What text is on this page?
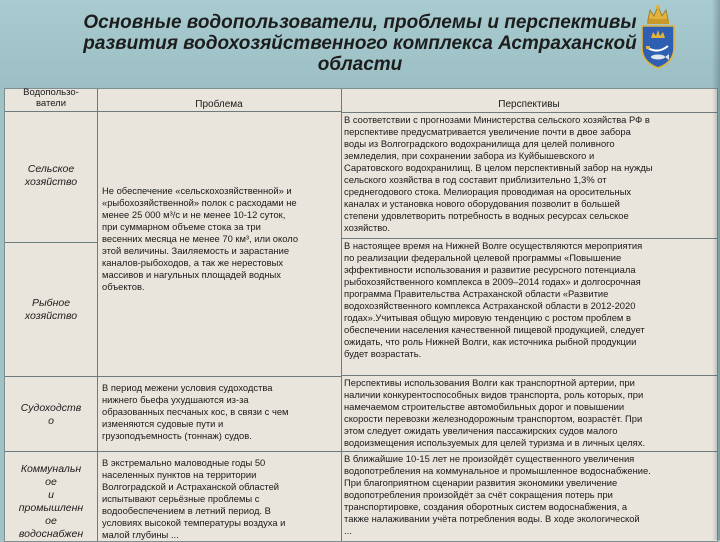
Основные водопользователи, проблемы и перспективы развития водохозяйственного комплекса Астраханской области
Водопользо-
ватели	Проблема	Перспективы
Сельское
хозяйство
Рыбное
хозяйство
Судоходств
о
Коммунальн
ое
и
промышленн
ое
водоснабжен
Не обеспечение «сельскохозяйственной» и
«рыбохозяйственной» полок с расходами не
менее 25 000 м³/с и не менее 10-12 суток,
при суммарном объеме стока за три
весенних месяца не менее 70 км³, или около
этой величины. Заиляемость и зарастание
каналов-рыбоходов, а так же нерестовых
массивов и нагульных площадей водных
объектов.
В период межени условия судоходства
нижнего бьефа ухудшаются из-за
образованных песчаных кос, в связи с чем
изменяются судовые пути и
грузоподъемность (тоннаж) судов.
В экстремально маловодные годы 50
населенных пунктов на территории
Волгоградской и Астраханской областей
испытывают серьёзные проблемы с
водообеспечением в летний период. В
условиях высокой температуры воздуха и
малой глубины ...
В соответствии с прогнозами Министерства сельского хозяйства РФ в
перспективе предусматривается увеличение почти в двое забора
воды из Волгоградского водохранилища для целей поливного
земледелия, при сохранении забора из Куйбышевского и
Саратовского водохранилищ. В целом перспективный забор на нужды
сельского хозяйства в год составит приблизительно 1,3% от
среднегодового стока. Мелиорация проводимая на оросительных
каналах и установка нового оборудования позволит в большей
степени удовлетворить потребность в водных ресурсах сельское
хозяйство.
В настоящее время на Нижней Волге осуществляются мероприятия
по реализации федеральной целевой программы «Повышение
эффективности использования и развитие ресурсного потенциала
рыбохозяйственного комплекса в 2009–2014 годах» и долгосрочная
программа Правительства Астраханской области «Развитие
водохозяйственного комплекса Астраханской области в 2012-2020
годах».Учитывая общую мировую тенденцию с ростом проблем в
обеспечении населения качественной пищевой продукцией, следует
ожидать, что роль Нижней Волги, как источника рыбной продукции
будет возрастать.
Перспективы использования Волги как транспортной артерии, при
наличии конкурентоспособных видов транспорта, роль которых, при
намечаемом строительстве автомобильных дорог и повышении
скорости перевозки железнодорожным транспортом, возрастёт. При
этом следует ожидать увеличения пассажирских судов малого
водоизмещения используемых для целей туризма и в личных целях.
В ближайшие 10-15 лет не произойдёт существенного увеличения
водопотребления на коммунальное и промышленное водоснабжение.
При благоприятном сценарии развития экономики увеличение
водопотребления произойдёт за счёт сокращения потерь при
транспортировке, создания оборотных систем водоснабжения, а
также налаживании учёта потребления воды. В ходе экологической
...
